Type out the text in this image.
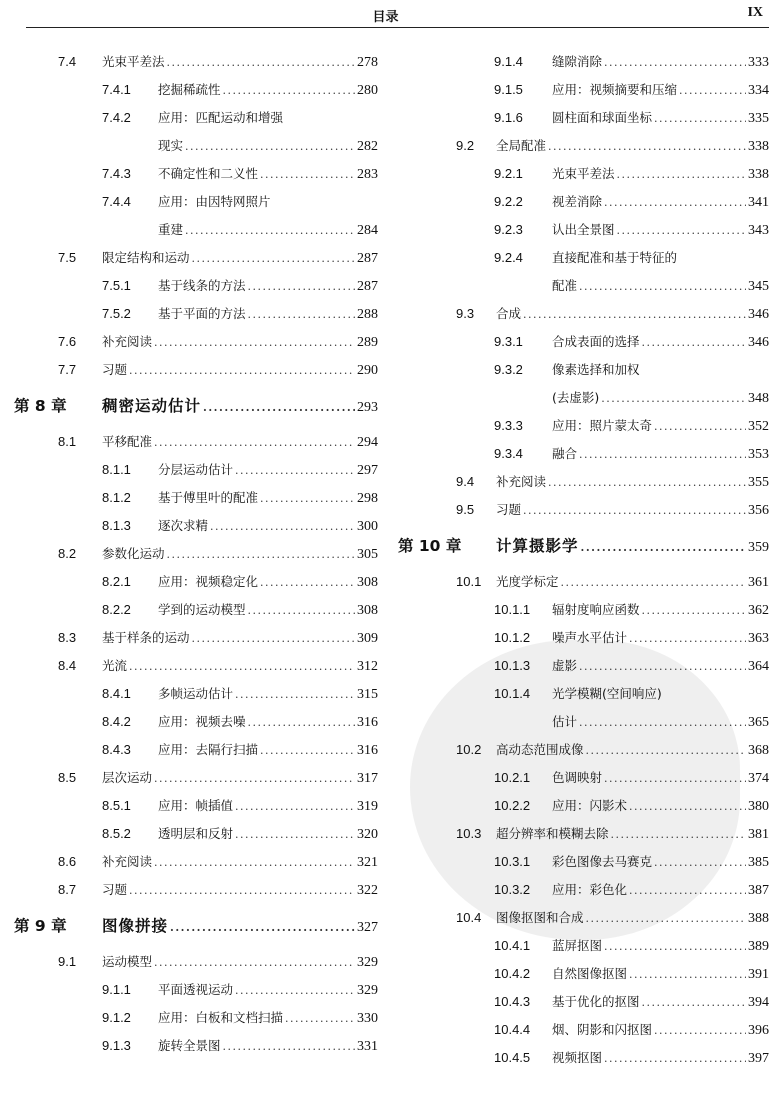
目录	IX
7.4 光束平差法 .....	278
7.4.1 挖掘稀疏性 .....	280
7.4.2 应用：匹配运动和增强
现实 .....	282
7.4.3 不确定性和二义性 .....	283
7.4.4 应用：由因特网照片
重建 .....	284
7.5 限定结构和运动 .....	287
7.5.1 基于线条的方法 .....	287
7.5.2 基于平面的方法 .....	288
7.6 补充阅读 .....	289
7.7 习题 .....	290
第 8 章 稠密运动估计 .....	293
8.1 平移配准 .....	294
8.1.1 分层运动估计 .....	297
8.1.2 基于傅里叶的配准 .....	298
8.1.3 逐次求精 .....	300
8.2 参数化运动 .....	305
8.2.1 应用：视频稳定化 .....	308
8.2.2 学到的运动模型 .....	308
8.3 基于样条的运动 .....	309
8.4 光流 .....	312
8.4.1 多帧运动估计 .....	315
8.4.2 应用：视频去噪 .....	316
8.4.3 应用：去隔行扫描 .....	316
8.5 层次运动 .....	317
8.5.1 应用：帧插值 .....	319
8.5.2 透明层和反射 .....	320
8.6 补充阅读 .....	321
8.7 习题 .....	322
第 9 章 图像拼接 .....	327
9.1 运动模型 .....	329
9.1.1 平面透视运动 .....	329
9.1.2 应用：白板和文档扫描 .....	330
9.1.3 旋转全景图 .....	331
9.1.4 缝隙消除 .....	333
9.1.5 应用：视频摘要和压缩 .....	334
9.1.6 圆柱面和球面坐标 .....	335
9.2 全局配准 .....	338
9.2.1 光束平差法 .....	338
9.2.2 视差消除 .....	341
9.2.3 认出全景图 .....	343
9.2.4 直接配准和基于特征的
配准 .....	345
9.3 合成 .....	346
9.3.1 合成表面的选择 .....	346
9.3.2 像素选择和加权
(去虚影) .....	348
9.3.3 应用：照片蒙太奇 .....	352
9.3.4 融合 .....	353
9.4 补充阅读 .....	355
9.5 习题 .....	356
第 10 章 计算摄影学 .....	359
10.1 光度学标定 .....	361
10.1.1 辐射度响应函数 .....	362
10.1.2 噪声水平估计 .....	363
10.1.3 虚影 .....	364
10.1.4 光学模糊(空间响应)
估计 .....	365
10.2 高动态范围成像 .....	368
10.2.1 色调映射 .....	374
10.2.2 应用：闪影术 .....	380
10.3 超分辨率和模糊去除 .....	381
10.3.1 彩色图像去马赛克 .....	385
10.3.2 应用：彩色化 .....	387
10.4 图像抠图和合成 .....	388
10.4.1 蓝屏抠图 .....	389
10.4.2 自然图像抠图 .....	391
10.4.3 基于优化的抠图 .....	394
10.4.4 烟、阴影和闪抠图 .....	396
10.4.5 视频抠图 .....	397
